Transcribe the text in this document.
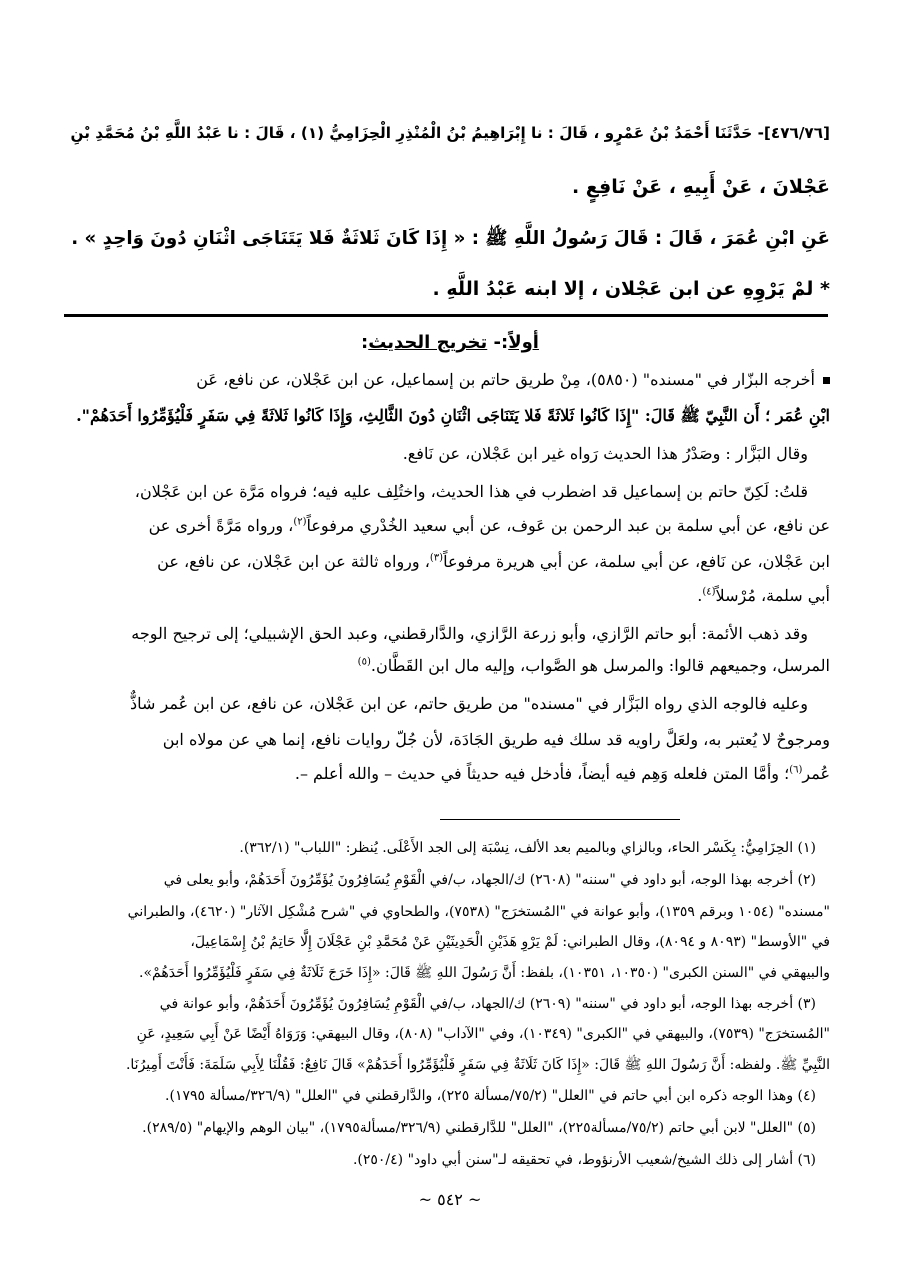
[٤٧٦/٧٦]- حَدَّثَنَا أَحْمَدُ بْنُ عَمْرٍو ، قَالَ : نا إِبْرَاهِيمُ بْنُ الْمُنْذِرِ الْحِزَامِيُّ (١) ، قَالَ : نا عَبْدُ اللَّهِ بْنُ مُحَمَّدِ بْنِ
عَجْلانَ ، عَنْ أَبِيهِ ، عَنْ نَافِعٍ .
عَنِ ابْنِ عُمَرَ ، قَالَ : قَالَ رَسُولُ اللَّهِ ﷺ : « إِذَا كَانَ ثَلاثَةٌ فَلا يَتَنَاجَى اثْنَانِ دُونَ وَاحِدٍ » .
* لمْ يَرْوِهِ عن ابن عَجْلان ، إلا ابنه عَبْدُ اللَّهِ .
أولاً:- تخريج الحديث:
أخرجه البزّار في "مسنده" (٥٨٥٠)، مِنْ طريق حاتم بن إسماعيل، عن ابن عَجْلان، عن نافع، عَن
ابْنِ عُمَر ؛ أَن النَّبِيّ ﷺ قَالَ: "إِذَا كَانُوا ثَلاثَةً فَلا يَتَنَاجَى اثْنَانِ دُونَ الثَّالِثِ، وَإِذَا كَانُوا ثَلاثَةً فِي سَفَرٍ فَلْيُؤَمِّرُوا أَحَدَهُمْ".
وقال البَزَّار : وصَدْرُ هذا الحديث رَواه غير ابن عَجْلان، عن نَافع.
قلتُ: لَكِنّ حاتم بن إسماعيل قد اضطرب في هذا الحديث، واختُلِف عليه فيه؛ فرواه مَرَّة عن ابن عَجْلان،
عن نافع، عن أبي سلمة بن عبد الرحمن بن عَوف، عن أبي سعيد الخُدْري مرفوعاً$^{(٢)}$، ورواه مَرَّةً أخرى عن
ابن عَجْلان، عن نَافع، عن أبي سلمة، عن أبي هريرة مرفوعاً$^{(٣)}$، ورواه ثالثة عن ابن عَجْلان، عن نافع، عن
أبي سلمة، مُرْسلاً$^{(٤)}$.
وقد ذهب الأئمة: أبو حاتم الرَّازي، وأبو زرعة الرَّازي، والدَّارقطني، وعبد الحق الإشبيلي؛ إلى ترجيح الوجه
المرسل، وجميعهم قالوا: والمرسل هو الصَّواب، وإليه مال ابن القَطَّان.$^{(٥)}$
وعليه فالوجه الذي رواه البَزَّار في "مسنده" من طريق حاتم، عن ابن عَجْلان، عن نافع، عن ابن عُمر شاذٌّ
ومرجوحٌ لا يُعتبر به، ولعَلَّ راويه قد سلك فيه طريق الجَادَة، لأن جُلّ روايات نافع، إنما هي عن مولاه ابن
عُمر$^{(٦)}$؛ وأمَّا المتن فلعله وَهِم فيه أيضاً، فأدخل فيه حديثاً في حديث – والله أعلم –.
(١) الحِزَامِيُّ: بِكَسْر الحاء، وبالزاي وبالميم بعد الألف، نِسْبَة إلى الجد الأَعْلَى. يُنظر: "اللباب" (٣٦٢/١).
(٢) أخرجه بهذا الوجه، أبو داود في "سننه" (٢٦٠٨) ك/الجهاد، ب/في الْقَوْمِ يُسَافِرُونَ يُؤَمِّرُونَ أَحَدَهُمْ، وأبو يعلى في
"مسنده" (١٠٥٤ وبرقم ١٣٥٩)، وأبو عوانة في "المُستخرَج" (٧٥٣٨)، والطحاوي في "شرح مُشْكِل الآثار" (٤٦٢٠)، والطبراني
في "الأوسط" (٨٠٩٣ و ٨٠٩٤)، وقال الطبراني: لَمْ يَرْوِ هَذَيْنِ الْحَدِيثَيْنِ عَنْ مُحَمَّدِ بْنِ عَجْلَانَ إِلَّا حَاتِمُ بْنُ إِسْمَاعِيلَ،
والبيهقي في "السنن الكبرى" (١٠٣٥٠، ١٠٣٥١)، بلفظ: أَنَّ رَسُولَ اللهِ ﷺ قَالَ: «إِذَا خَرَجَ ثَلَاثَةٌ فِي سَفَرٍ فَلْيُؤَمِّرُوا أَحَدَهُمْ».
(٣) أخرجه بهذا الوجه، أبو داود في "سننه" (٢٦٠٩) ك/الجهاد، ب/في الْقَوْمِ يُسَافِرُونَ يُؤَمِّرُونَ أَحَدَهُمْ، وأبو عوانة في
"المُستخرَج" (٧٥٣٩)، والبيهقي في "الكبرى" (١٠٣٤٩)، وفي "الآداب" (٨٠٨)، وقال البيهقي: وَرَوَاهُ أَيْضًا عَنْ أَبِي سَعِيدٍ، عَنِ
النَّبِيِّ ﷺ. ولفظه: أَنَّ رَسُولَ اللهِ ﷺ قَالَ: «إِذَا كَانَ ثَلَاثَةٌ فِي سَفَرٍ فَلْيُؤَمِّرُوا أَحَدَهُمْ» قَالَ نَافِعٌ: فَقُلْنَا لِأَبِي سَلَمَةَ: فَأَنْتَ أَمِيرُنَا.
(٤) وهذا الوجه ذكره ابن أبي حاتم في "العلل" (٧٥/٢/مسألة ٢٢٥)، والدَّارقطني في "العلل" (٣٢٦/٩/مسألة ١٧٩٥).
(٥) "العلل" لابن أبي حاتم (٧٥/٢/مسألة٢٢٥)، "العلل" للدَّارقطني (٣٢٦/٩/مسألة١٧٩٥)، "بيان الوهم والإيهام" (٢٨٩/٥).
(٦) أشار إلى ذلك الشيخ/شعيب الأرنؤوط، في تحقيقه لـ"سنن أبي داود" (٢٥٠/٤).
~ ٥٤٢ ~
